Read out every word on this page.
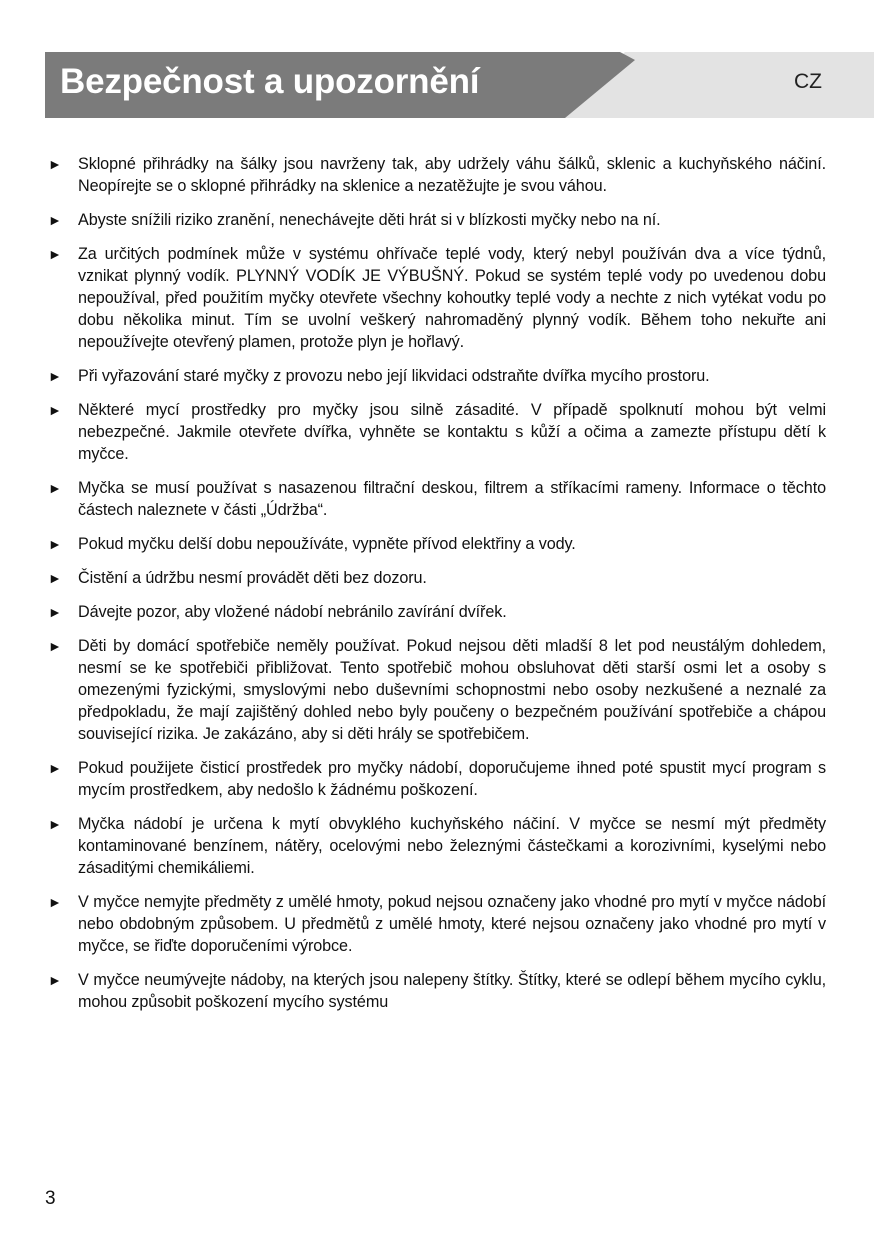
Bezpečnost a upozornění	CZ
► Sklopné přihrádky na šálky jsou navrženy tak, aby udržely váhu šálků, sklenic a kuchyňského náčiní. Neopírejte se o sklopné přihrádky na sklenice a nezatěžujte je svou váhou.
► Abyste snížili riziko zranění, nenechávejte děti hrát si v blízkosti myčky nebo na ní.
► Za určitých podmínek může v systému ohřívače teplé vody, který nebyl používán dva a více týdnů, vznikat plynný vodík. PLYNNÝ VODÍK JE VÝBUŠNÝ. Pokud se systém teplé vody po uvedenou dobu nepoužíval, před použitím myčky otevřete všechny kohoutky teplé vody a nechte z nich vytékat vodu po dobu několika minut. Tím se uvolní veškerý nahromaděný plynný vodík. Během toho nekuřte ani nepoužívejte otevřený plamen, protože plyn je hořlavý.
► Při vyřazování staré myčky z provozu nebo její likvidaci odstraňte dvířka mycího prostoru.
► Některé mycí prostředky pro myčky jsou silně zásadité. V případě spolknutí mohou být velmi nebezpečné. Jakmile otevřete dvířka, vyhněte se kontaktu s kůží a očima a zamezte přístupu dětí k myčce.
► Myčka se musí používat s nasazenou filtrační deskou, filtrem a stříkacími rameny. Informace o těchto částech naleznete v části „Údržba“.
► Pokud myčku delší dobu nepoužíváte, vypněte přívod elektřiny a vody.
► Čistění a údržbu nesmí provádět děti bez dozoru.
► Dávejte pozor, aby vložené nádobí nebránilo zavírání dvířek.
► Děti by domácí spotřebiče neměly používat. Pokud nejsou děti mladší 8 let pod neustálým dohledem, nesmí se ke spotřebiči přibližovat. Tento spotřebič mohou obsluhovat děti starší osmi let a osoby s omezenými fyzickými, smyslovými nebo duševními schopnostmi nebo osoby nezkušené a neznalé za předpokladu, že mají zajištěný dohled nebo byly poučeny o bezpečném používání spotřebiče a chápou související rizika. Je zakázáno, aby si děti hrály se spotřebičem.
► Pokud použijete čisticí prostředek pro myčky nádobí, doporučujeme ihned poté spustit mycí program s mycím prostředkem, aby nedošlo k žádnému poškození.
► Myčka nádobí je určena k mytí obvyklého kuchyňského náčiní. V myčce se nesmí mýt předměty kontaminované benzínem, nátěry, ocelovými nebo železnými částečkami a korozivními, kyselými nebo zásaditými chemikáliemi.
► V myčce nemyjte předměty z umělé hmoty, pokud nejsou označeny jako vhodné pro mytí v myčce nádobí nebo obdobným způsobem. U předmětů z umělé hmoty, které nejsou označeny jako vhodné pro mytí v myčce, se řiďte doporučeními výrobce.
► V myčce neumývejte nádoby, na kterých jsou nalepeny štítky. Štítky, které se odlepí během mycího cyklu, mohou způsobit poškození mycího systému
3
